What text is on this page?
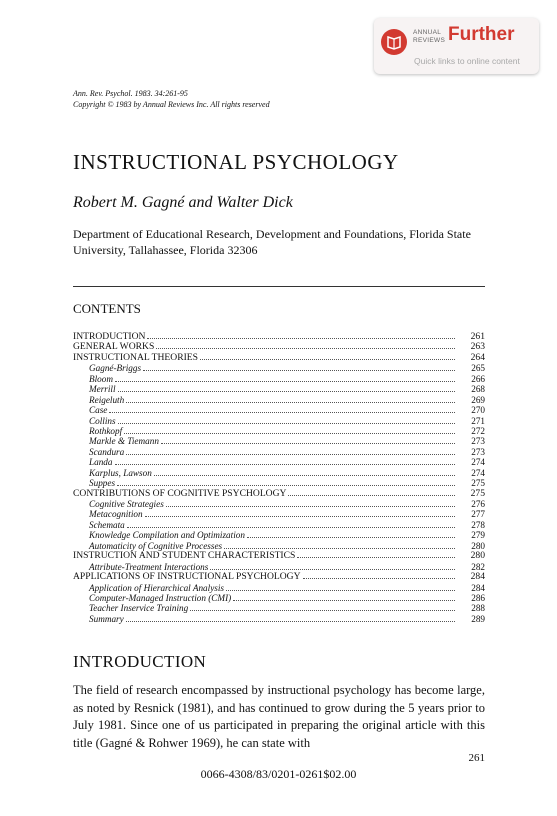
ANNUAL REVIEWS Further
Quick links to online content
Ann. Rev. Psychol. 1983. 34:261-95
Copyright © 1983 by Annual Reviews Inc. All rights reserved
INSTRUCTIONAL PSYCHOLOGY
Robert M. Gagné and Walter Dick
Department of Educational Research, Development and Foundations, Florida State University, Tallahassee, Florida 32306
CONTENTS
INTRODUCTION	261
GENERAL WORKS	263
INSTRUCTIONAL THEORIES	264
Gagné-Briggs	265
Bloom	266
Merrill	268
Reigeluth	269
Case	270
Collins	271
Rothkopf	272
Markle & Tiemann	273
Scandura	273
Landa	274
Karplus, Lawson	274
Suppes	275
CONTRIBUTIONS OF COGNITIVE PSYCHOLOGY	275
Cognitive Strategies	276
Metacognition	277
Schemata	278
Knowledge Compilation and Optimization	279
Automaticity of Cognitive Processes	280
INSTRUCTION AND STUDENT CHARACTERISTICS	280
Attribute-Treatment Interactions	282
APPLICATIONS OF INSTRUCTIONAL PSYCHOLOGY	284
Application of Hierarchical Analysis	284
Computer-Managed Instruction (CMI)	286
Teacher Inservice Training	288
Summary	289
INTRODUCTION
The field of research encompassed by instructional psychology has become large, as noted by Resnick (1981), and has continued to grow during the 5 years prior to July 1981. Since one of us participated in preparing the original article with this title (Gagné & Rohwer 1969), he can state with
261
0066-4308/83/0201-0261$02.00
